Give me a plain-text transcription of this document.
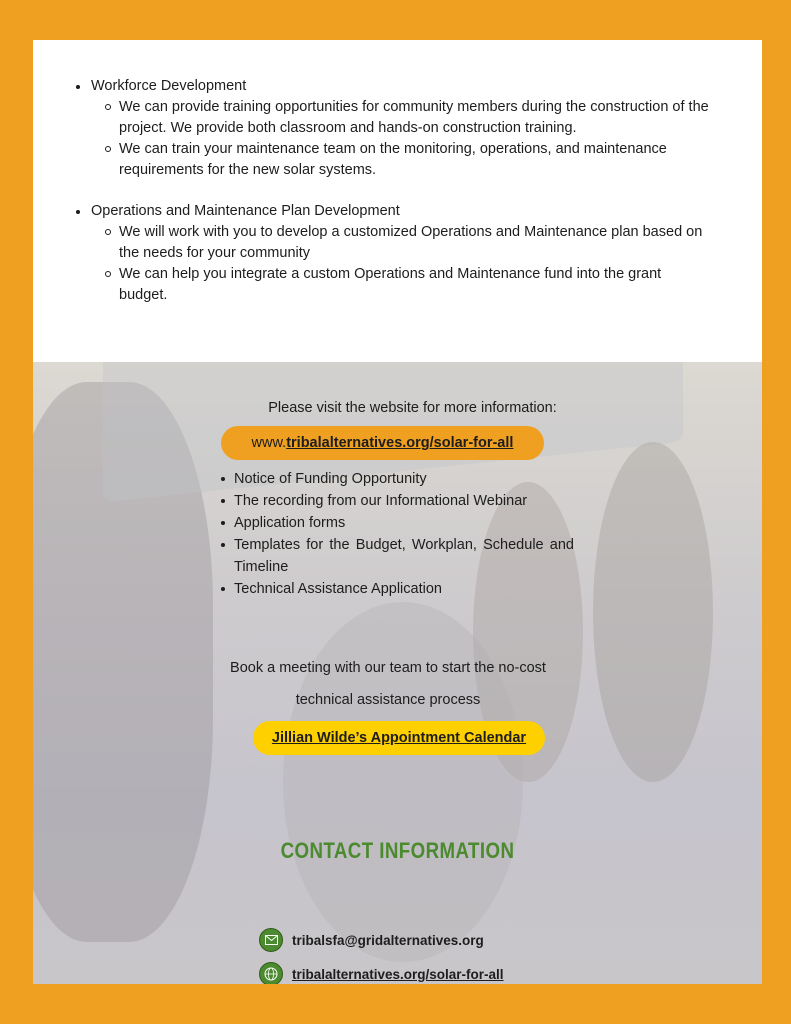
Workforce Development
We can provide training opportunities for community members during the construction of the project. We provide both classroom and hands-on construction training.
We can train your maintenance team on the monitoring, operations, and maintenance requirements for the new solar systems.
Operations and Maintenance Plan Development
We will work with you to develop a customized Operations and Maintenance plan based on the needs for your community
We can help you integrate a custom Operations and Maintenance fund into the grant budget.
Please visit the website for more information:
www. tribalalternatives.org/solar-for-all
Notice of Funding Opportunity
The recording from our Informational Webinar
Application forms
Templates for the Budget, Workplan, Schedule and Timeline
Technical Assistance Application
Book a meeting with our team to start the no-cost
technical assistance process
Jillian Wilde’s Appointment Calendar
CONTACT INFORMATION
tribalsfa@gridalternatives.org
tribalalternatives.org/solar-for-all
